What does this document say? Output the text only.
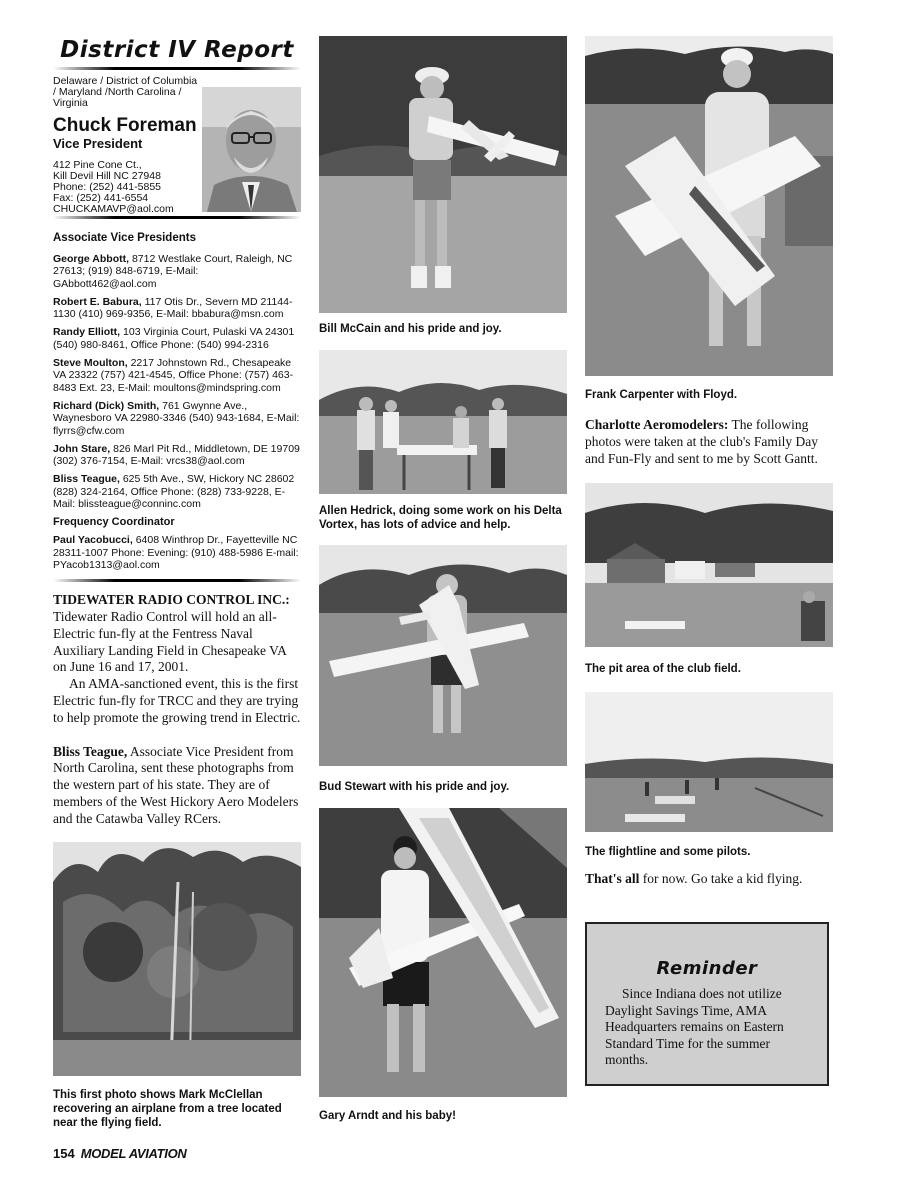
District IV Report
Delaware / District of Columbia / Maryland /North Carolina / Virginia
Chuck Foreman
Vice President
412 Pine Cone Ct.,
Kill Devil Hill NC 27948
Phone: (252) 441-5855
Fax: (252) 441-6554
CHUCKAMAVP@aol.com
Associate Vice Presidents
George Abbott, 8712 Westlake Court, Raleigh, NC 27613; (919) 848-6719, E-Mail: GAbbott462@aol.com
Robert E. Babura, 117 Otis Dr., Severn MD 21144-1130 (410) 969-9356, E-Mail: bbabura@msn.com
Randy Elliott, 103 Virginia Court, Pulaski VA 24301 (540) 980-8461, Office Phone: (540) 994-2316
Steve Moulton, 2217 Johnstown Rd., Chesapeake VA 23322 (757) 421-4545, Office Phone: (757) 463-8483 Ext. 23, E-Mail: moultons@mindspring.com
Richard (Dick) Smith, 761 Gwynne Ave., Waynesboro VA 22980-3346 (540) 943-1684, E-Mail: flyrrs@cfw.com
John Stare, 826 Marl Pit Rd., Middletown, DE 19709 (302) 376-7154, E-Mail: vrcs38@aol.com
Bliss Teague, 625 5th Ave., SW, Hickory NC 28602 (828) 324-2164, Office Phone: (828) 733-9228, E-Mail: blissteague@conninc.com
Frequency Coordinator
Paul Yacobucci, 6408 Winthrop Dr., Fayetteville NC 28311-1007 Phone: Evening: (910) 488-5986 E-mail: PYacob1313@aol.com

TIDEWATER RADIO CONTROL INC.: Tidewater Radio Control will hold an all-Electric fun-fly at the Fentress Naval Auxiliary Landing Field in Chesapeake VA on June 16 and 17, 2001.

An AMA-sanctioned event, this is the first Electric fun-fly for TRCC and they are trying to help promote the growing trend in Electric.

Bliss Teague, Associate Vice President from North Carolina, sent these photographs from the western part of his state. They are of members of the West Hickory Aero Modelers and the Catawba Valley RCers.

This first photo shows Mark McClellan recovering an airplane from a tree located near the flying field.
Bill McCain and his pride and joy.
Allen Hedrick, doing some work on his Delta Vortex, has lots of advice and help.
Bud Stewart with his pride and joy.
Gary Arndt and his baby!
Frank Carpenter with Floyd.
Charlotte Aeromodelers: The following photos were taken at the club's Family Day and Fun-Fly and sent to me by Scott Gantt.
The pit area of the club field.
The flightline and some pilots.
That's all for now. Go take a kid flying.
Reminder
Since Indiana does not utilize Daylight Savings Time, AMA Headquarters remains on Eastern Standard Time for the summer months.
154 MODEL AVIATION
